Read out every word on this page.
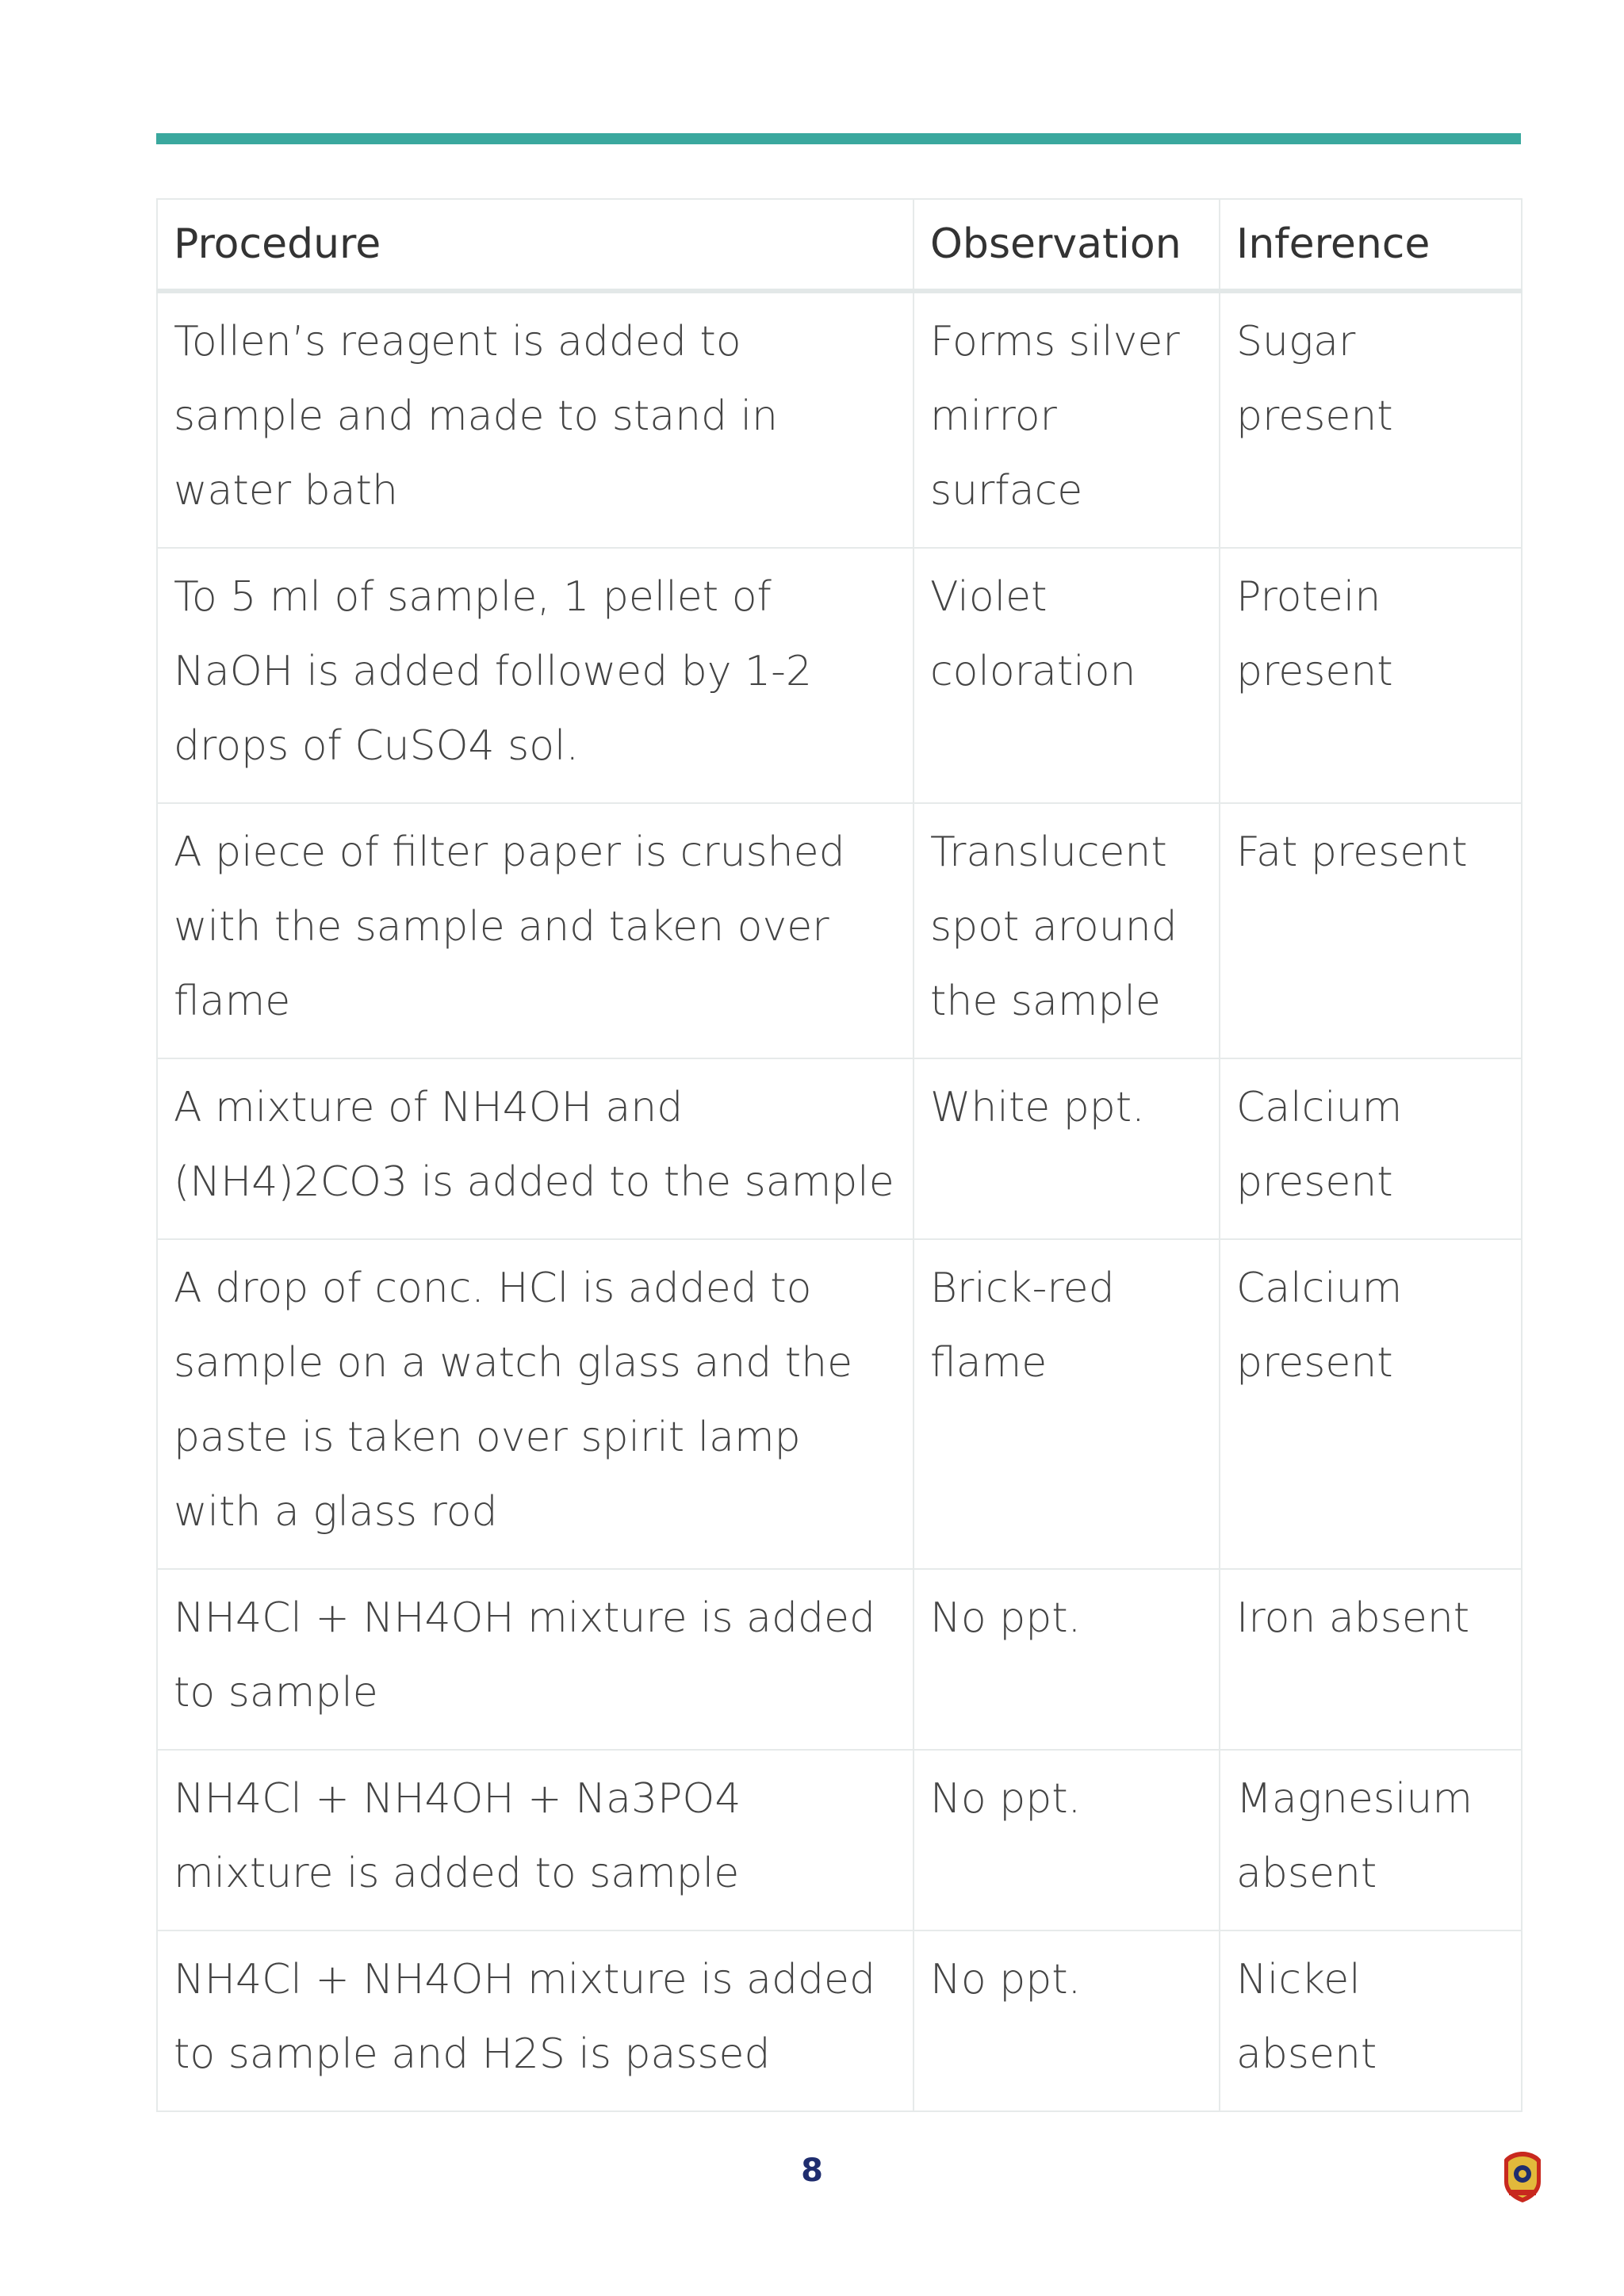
Procedure	Observation	Inference
Tollen’s reagent is added to sample and made to stand in water bath	Forms silver mirror surface	Sugar present
To 5 ml of sample, 1 pellet of NaOH is added followed by 1-2 drops of CuSO4 sol.	Violet coloration	Protein present
A piece of filter paper is crushed with the sample and taken over flame	Translucent spot around the sample	Fat present
A mixture of NH4OH and (NH4)2CO3 is added to the sample	White ppt.	Calcium present
A drop of conc. HCl is added to sample on a watch glass and the paste is taken over spirit lamp with a glass rod	Brick-red flame	Calcium present
NH4Cl + NH4OH mixture is added to sample	No ppt.	Iron absent
NH4Cl + NH4OH + Na3PO4  mixture is added to sample	No ppt.	Magnesium absent
NH4Cl + NH4OH mixture is added to sample and H2S is passed	No ppt.	Nickel absent
8
